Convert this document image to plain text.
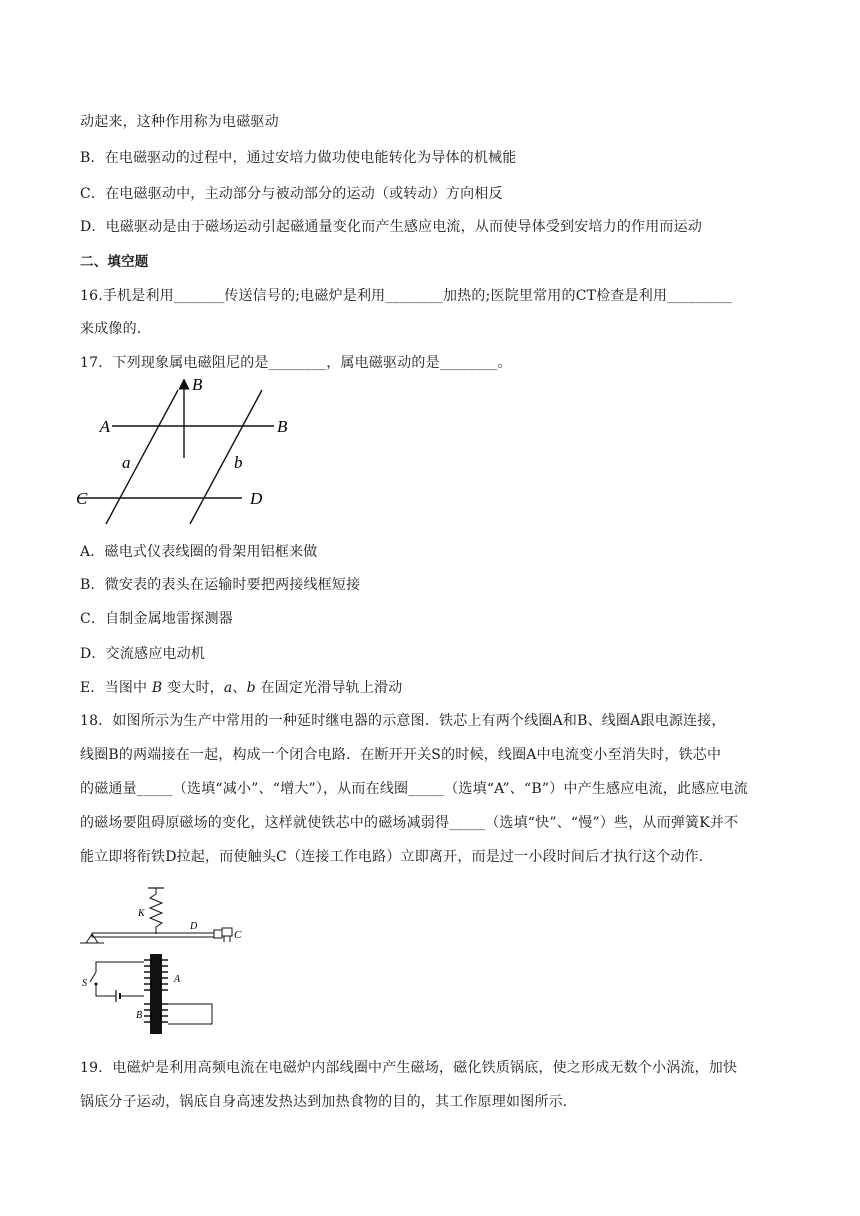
动起来，这种作用称为电磁驱动
B．在电磁驱动的过程中，通过安培力做功使电能转化为导体的机械能
C．在电磁驱动中，主动部分与被动部分的运动（或转动）方向相反
D．电磁驱动是由于磁场运动引起磁通量变化而产生感应电流，从而使导体受到安培力的作用而运动
二、填空题
16.手机是利用_______传送信号的;电磁炉是利用________加热的;医院里常用的CT检查是利用_________
来成像的.
17．下列现象属电磁阻尼的是________，属电磁驱动的是________。
B
A	B
a	b
C	D
A．磁电式仪表线圈的骨架用铝框来做
B．微安表的表头在运输时要把两接线框短接
C．自制金属地雷探测器
D．交流感应电动机
E．当图中 B 变大时，a、b 在固定光滑导轨上滑动
18．如图所示为生产中常用的一种延时继电器的示意图．铁芯上有两个线圈A和B、线圈A跟电源连接，
线圈B的两端接在一起，构成一个闭合电路．在断开开关S的时候，线圈A中电流变小至消失时，铁芯中
的磁通量_____（选填“减小”、“增大”），从而在线圈_____（选填“A”、“B”）中产生感应电流，此感应电流
的磁场要阻碍原磁场的变化，这样就使铁芯中的磁场减弱得_____（选填“快”、“慢”）些，从而弹簧K并不
能立即将衔铁D拉起，而使触头C（连接工作电路）立即离开，而是过一小段时间后才执行这个动作．
K
D
C
A
B
S
19．电磁炉是利用高频电流在电磁炉内部线圈中产生磁场，磁化铁质锅底，使之形成无数个小涡流，加快
锅底分子运动，锅底自身高速发热达到加热食物的目的，其工作原理如图所示．
